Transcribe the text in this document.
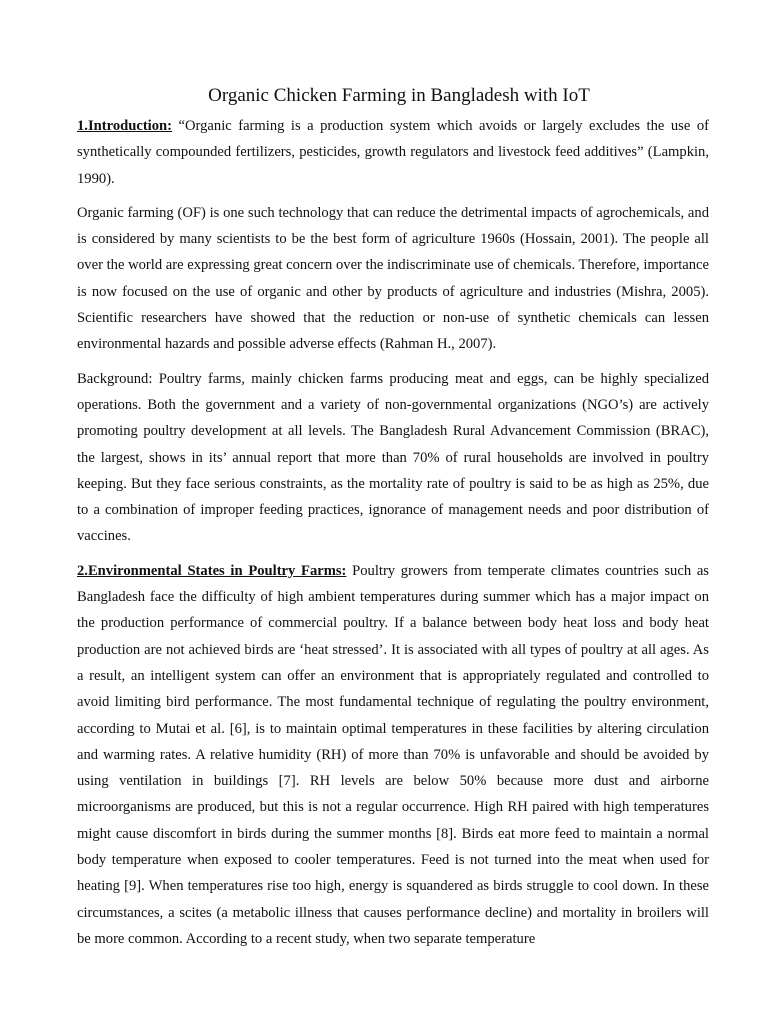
Organic Chicken Farming in Bangladesh with IoT

1.Introduction: “Organic farming is a production system which avoids or largely excludes the use of synthetically compounded fertilizers, pesticides, growth regulators and livestock feed additives” (Lampkin, 1990).

Organic farming (OF) is one such technology that can reduce the detrimental impacts of agrochemicals, and is considered by many scientists to be the best form of agriculture 1960s (Hossain, 2001). The people all over the world are expressing great concern over the indiscriminate use of chemicals. Therefore, importance is now focused on the use of organic and other by products of agriculture and industries (Mishra, 2005). Scientific researchers have showed that the reduction or non-use of synthetic chemicals can lessen environmental hazards and possible adverse effects (Rahman H., 2007).

Background: Poultry farms, mainly chicken farms producing meat and eggs, can be highly specialized operations. Both the government and a variety of non-governmental organizations (NGO’s) are actively promoting poultry development at all levels. The Bangladesh Rural Advancement Commission (BRAC), the largest, shows in its’ annual report that more than 70% of rural households are involved in poultry keeping. But they face serious constraints, as the mortality rate of poultry is said to be as high as 25%, due to a combination of improper feeding practices, ignorance of management needs and poor distribution of vaccines.

2.Environmental States in Poultry Farms: Poultry growers from temperate climates countries such as Bangladesh face the difficulty of high ambient temperatures during summer which has a major impact on the production performance of commercial poultry. If a balance between body heat loss and body heat production are not achieved birds are ‘heat stressed’. It is associated with all types of poultry at all ages. As a result, an intelligent system can offer an environment that is appropriately regulated and controlled to avoid limiting bird performance. The most fundamental technique of regulating the poultry environment, according to Mutai et al. [6], is to maintain optimal temperatures in these facilities by altering circulation and warming rates. A relative humidity (RH) of more than 70% is unfavorable and should be avoided by using ventilation in buildings [7]. RH levels are below 50% because more dust and airborne microorganisms are produced, but this is not a regular occurrence. High RH paired with high temperatures might cause discomfort in birds during the summer months [8]. Birds eat more feed to maintain a normal body temperature when exposed to cooler temperatures. Feed is not turned into the meat when used for heating [9]. When temperatures rise too high, energy is squandered as birds struggle to cool down. In these circumstances, a scites (a metabolic illness that causes performance decline) and mortality in broilers will be more common. According to a recent study, when two separate temperature
